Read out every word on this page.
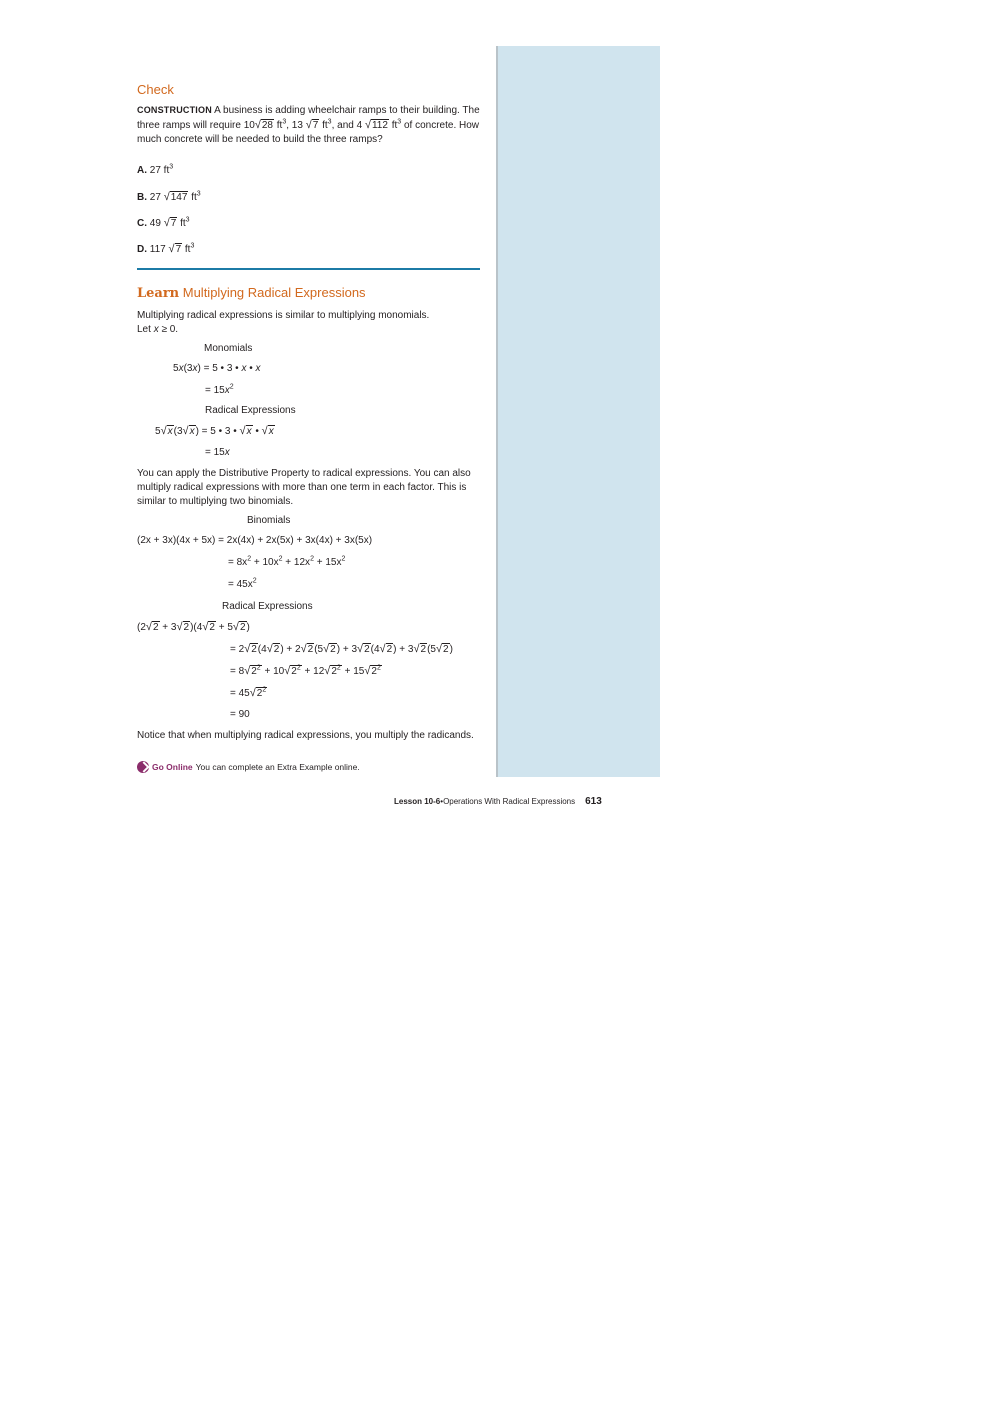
Check
CONSTRUCTION A business is adding wheelchair ramps to their building. The three ramps will require 10√28 $ft^3$, 13 √7 $ft^3$, and 4 √112 $ft^3$ of concrete. How much concrete will be needed to build the three ramps?
A. 27 $ft^3$
B. 27 √147 $ft^3$
C. 49 √7 $ft^3$
D. 117 √7 $ft^3$
Learn Multiplying Radical Expressions
Multiplying radical expressions is similar to multiplying monomials.
Let x ≥ 0.
Monomials
5x(3x) = 5 • 3 • x • x
= $15x^2$
Radical Expressions
5√x(3√x) = 5 • 3 • √x • √x
= 15x
You can apply the Distributive Property to radical expressions. You can also multiply radical expressions with more than one term in each factor. This is similar to multiplying two binomials.
Binomials
(2x + 3x)(4x + 5x) = 2x(4x) + 2x(5x) + 3x(4x) + 3x(5x)
= $8x^2 + 10x^2 + 12x^2 + 15x^2$
= $45x^2$
Radical Expressions
(2√2 + 3√2)(4√2 + 5√2)
= 2√2(4√2) + 2√2(5√2) + 3√2(4√2) + 3√2(5√2)
= $8√2^2 + 10√2^2 + 12√2^2 + 15√2^2$
= $45√2^2$
= 90
Notice that when multiplying radical expressions, you multiply the radicands.
Go Online You can complete an Extra Example online.
Lesson 10-6 • Operations With Radical Expressions 613
